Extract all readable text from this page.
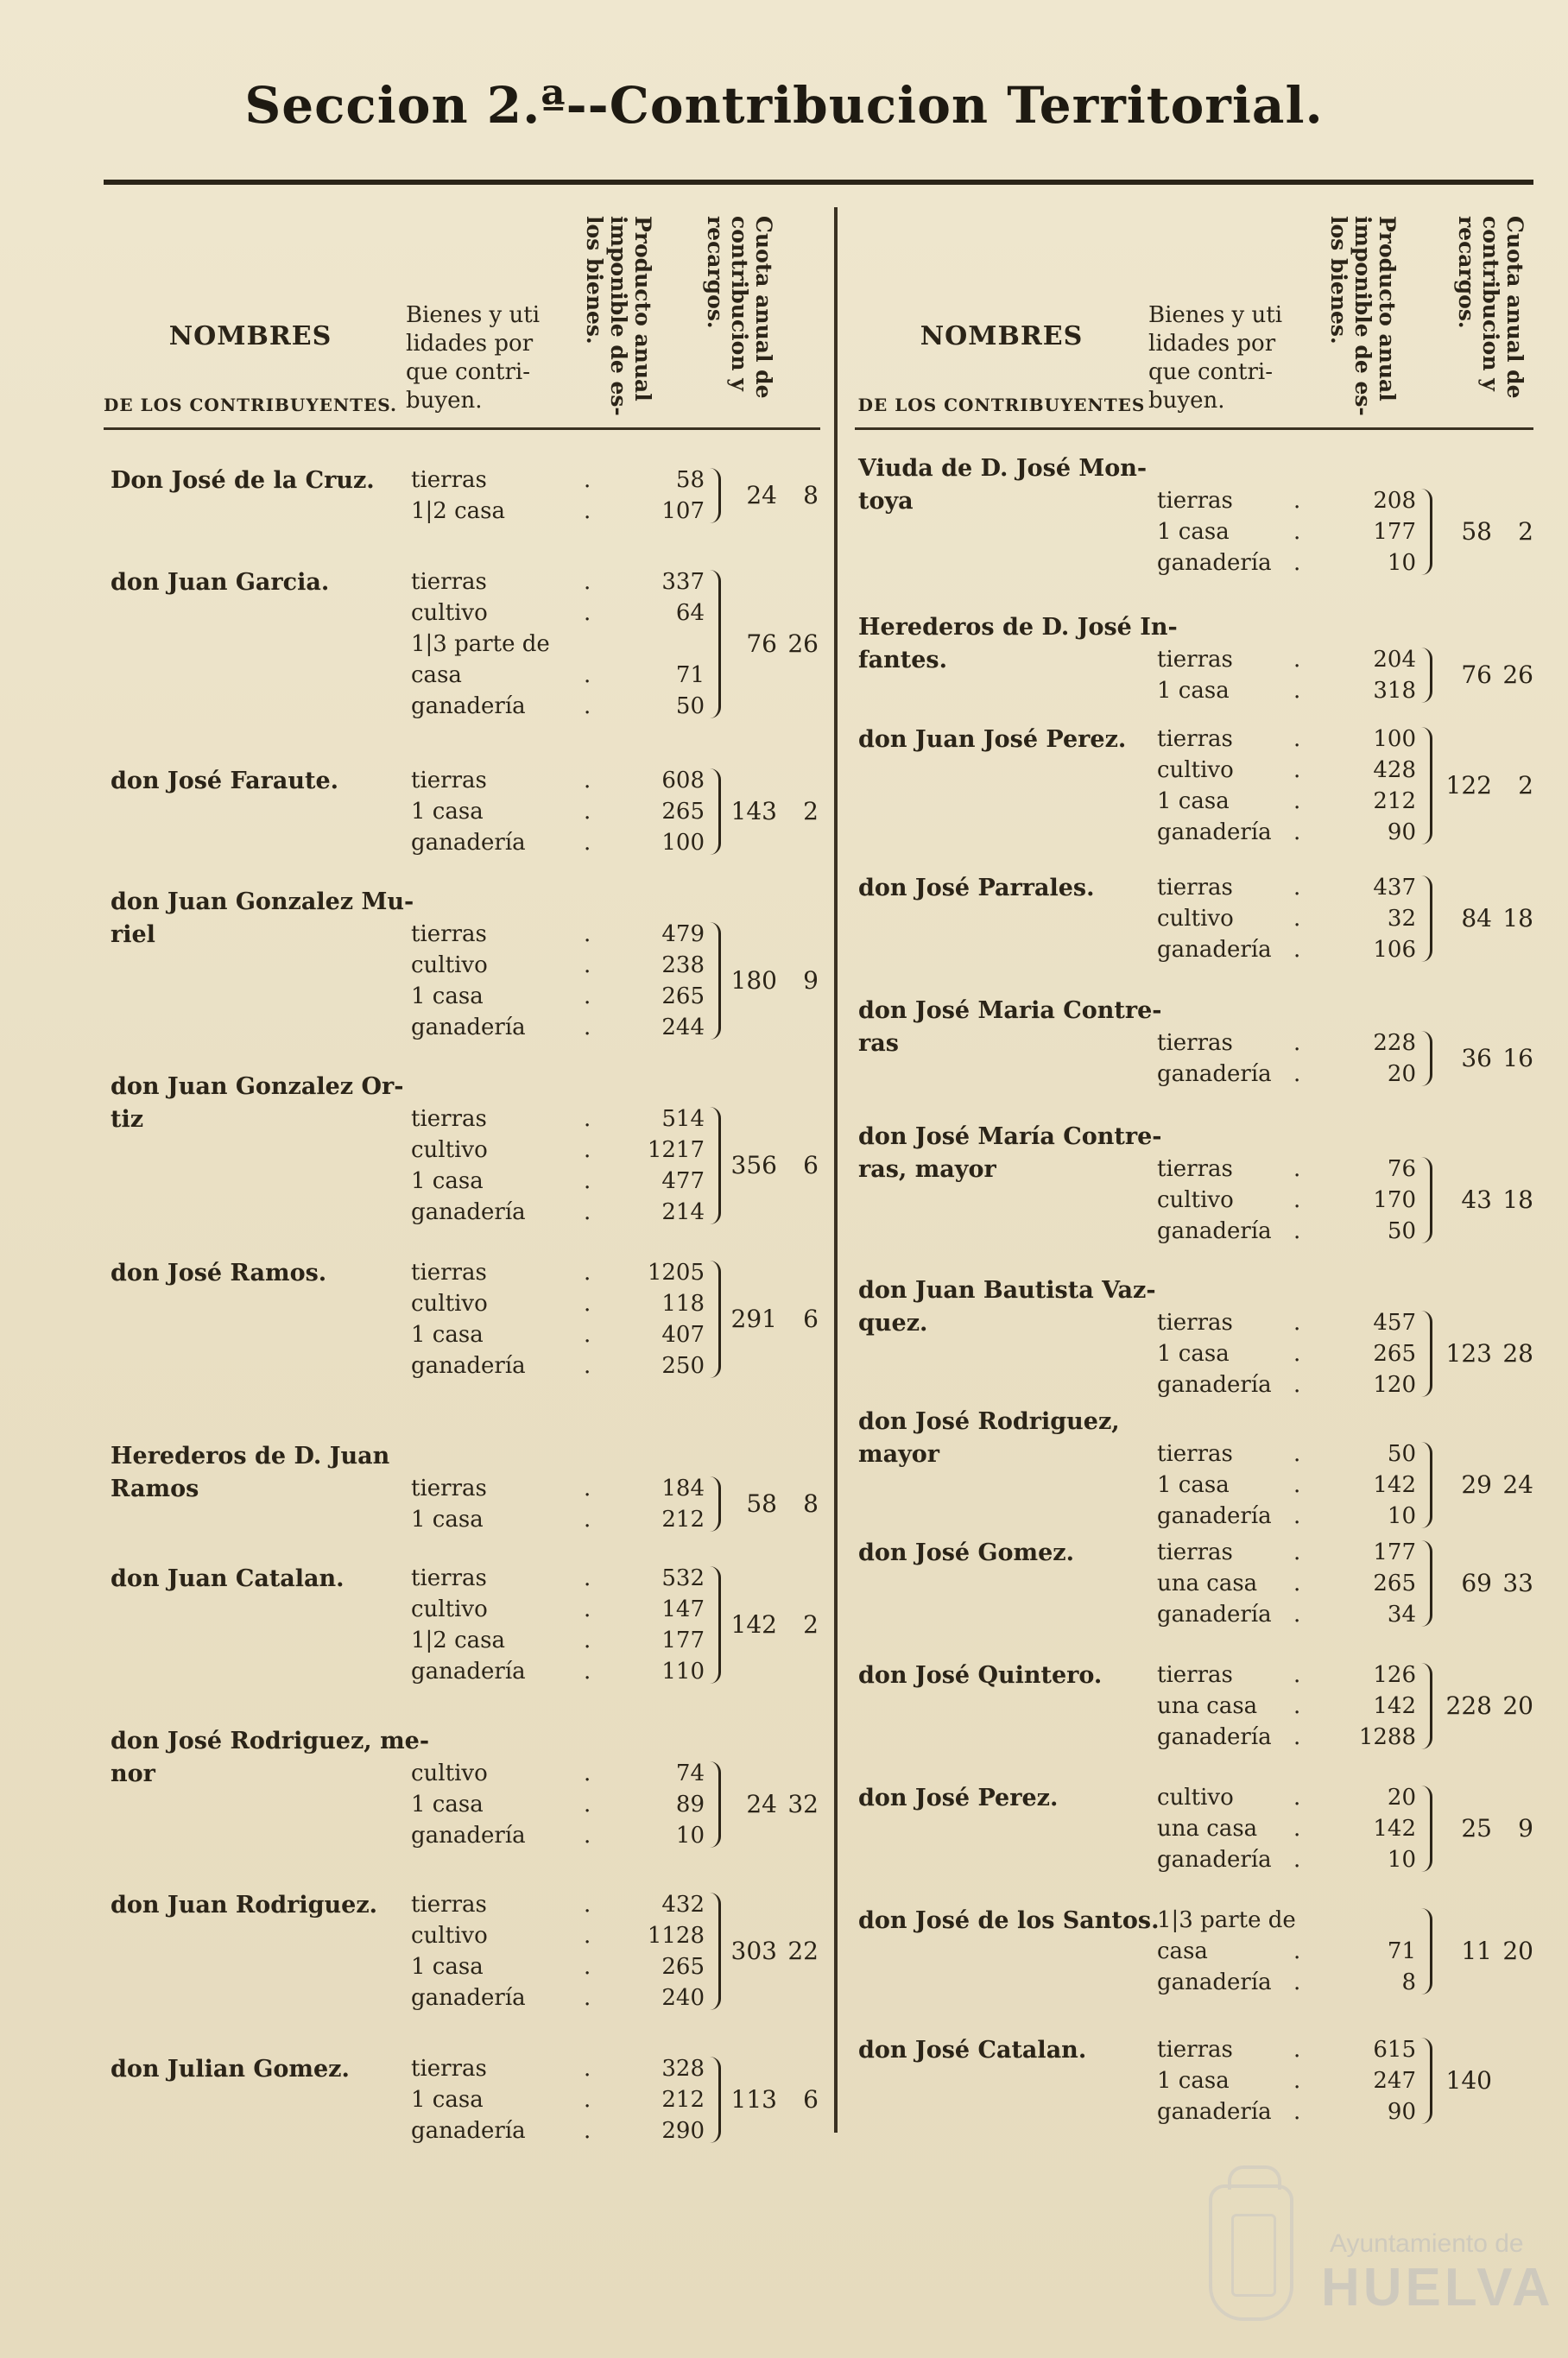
Seccion 2.ª--Contribucion Territorial.
NOMBRES
DE LOS CONTRIBUYENTES.
Bienes y uti lidades por que contri- buyen.	Producto anual imponible de es- los bienes.	Cuota anual de contribucion y recargos.
Don José de la Cruz. tierras	.	58
1|2 casa	.	107
24 8
don Juan Garcia.	tierras	.	337
cultivo	.	64
1|3 parte de
casa	.	71
ganadería	.	50
76 26
don José Faraute.	tierras	.	608
1 casa	.	265
ganadería	.	100
143 2
don Juan Gonzalez Mu-
riel	tierras	.	479
cultivo	.	238
1 casa	.	265
ganadería	.	244
180 9
don Juan Gonzalez Or-
tiz	tierras	.	514
cultivo	.	1217
1 casa	.	477
ganadería	.	214
356 6
don José Ramos.	tierras	.	1205
cultivo	.	118
1 casa	.	407
ganadería	.	250
291 6
Herederos de D. Juan
Ramos	tierras	.	184
1 casa	.	212
58 8
don Juan Catalan.	tierras	.	532
cultivo	.	147
1|2 casa	.	177
ganadería	.	110
142 2
don José Rodriguez, me-
nor	cultivo	.	74
1 casa	.	89
ganadería	.	10
24 32
don Juan Rodriguez. tierras	.	432
cultivo	.	1128
1 casa	.	265
ganadería	.	240
303 22
don Julian Gomez.	tierras	.	328
1 casa	.	212
ganadería	.	290
113 6
NOMBRES
DE LOS CONTRIBUYENTES
Bienes y uti lidades por que contri- buyen.	Producto anual imponible de es- los bienes.	Cuota anual de contribucion y recargos.
Viuda de D. José Mon-
toya	tierras	.	208
1 casa	.	177
ganadería .	10
58 2
Herederos de D. José In-
fantes.	tierras	.	204
1 casa	.	318
76 26
don Juan José Perez. tierras	.	100
cultivo	.	428
1 casa	.	212
ganadería .	90
122 2
don José Parrales.	tierras	.	437
cultivo	.	32
ganadería .	106
84 18
don José Maria Contre-
ras	tierras	.	228
ganadería .	20
36 16
don José María Contre-
ras, mayor	tierras	.	76
cultivo	.	170
ganadería .	50
43 18
don Juan Bautista Vaz-
quez.	tierras	.	457
1 casa	.	265
ganadería .	120
123 28
don José Rodriguez,
mayor	tierras	.	50
1 casa	.	142
ganadería .	10
29 24
don José Gomez.	tierras	.	177
una casa .	265
ganadería .	34
69 33
don José Quintero. tierras	.	126
una casa .	142
ganadería .	1288
228 20
don José Perez.	cultivo	.	20
una casa .	142
ganadería .	10
25 9
don José de los Santos.
1|3 parte de
casa	.	71
ganadería .	8
11 20
don José Catalan.	tierras	.	615
1 casa	.	247
ganadería .	90
140
Ayuntamiento de
HUELVA
